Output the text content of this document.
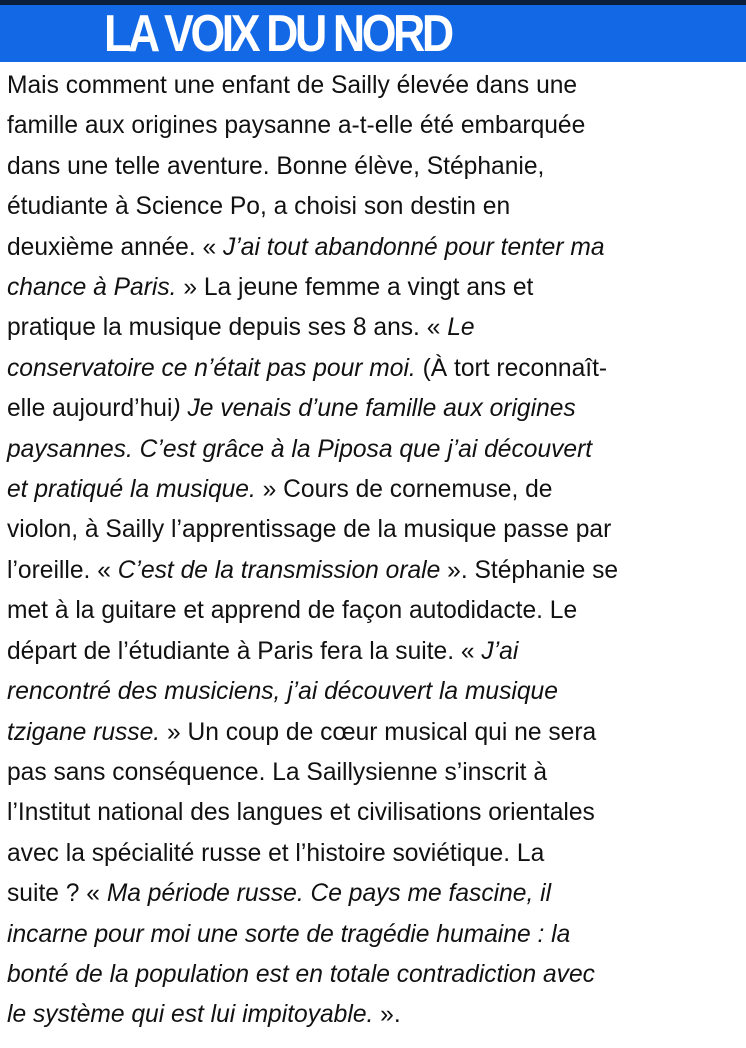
LA VOIX DU NORD
Mais comment une enfant de Sailly élevée dans une
famille aux origines paysanne a-t-elle été embarquée
dans une telle aventure. Bonne élève, Stéphanie,
étudiante à Science Po, a choisi son destin en
deuxième année. « J’ai tout abandonné pour tenter ma
chance à Paris. » La jeune femme a vingt ans et
pratique la musique depuis ses 8 ans. « Le
conservatoire ce n’était pas pour moi. (À tort reconnaît-
elle aujourd’hui) Je venais d’une famille aux origines
paysannes. C’est grâce à la Piposa que j’ai découvert
et pratiqué la musique. » Cours de cornemuse, de
violon, à Sailly l’apprentissage de la musique passe par
l’oreille. « C’est de la transmission orale ». Stéphanie se
met à la guitare et apprend de façon autodidacte. Le
départ de l’étudiante à Paris fera la suite. « J’ai
rencontré des musiciens, j’ai découvert la musique
tzigane russe. » Un coup de cœur musical qui ne sera
pas sans conséquence. La Saillysienne s’inscrit à
l’Institut national des langues et civilisations orientales
avec la spécialité russe et l’histoire soviétique. La
suite ? « Ma période russe. Ce pays me fascine, il
incarne pour moi une sorte de tragédie humaine : la
bonté de la population est en totale contradiction avec
le système qui est lui impitoyable. ».
